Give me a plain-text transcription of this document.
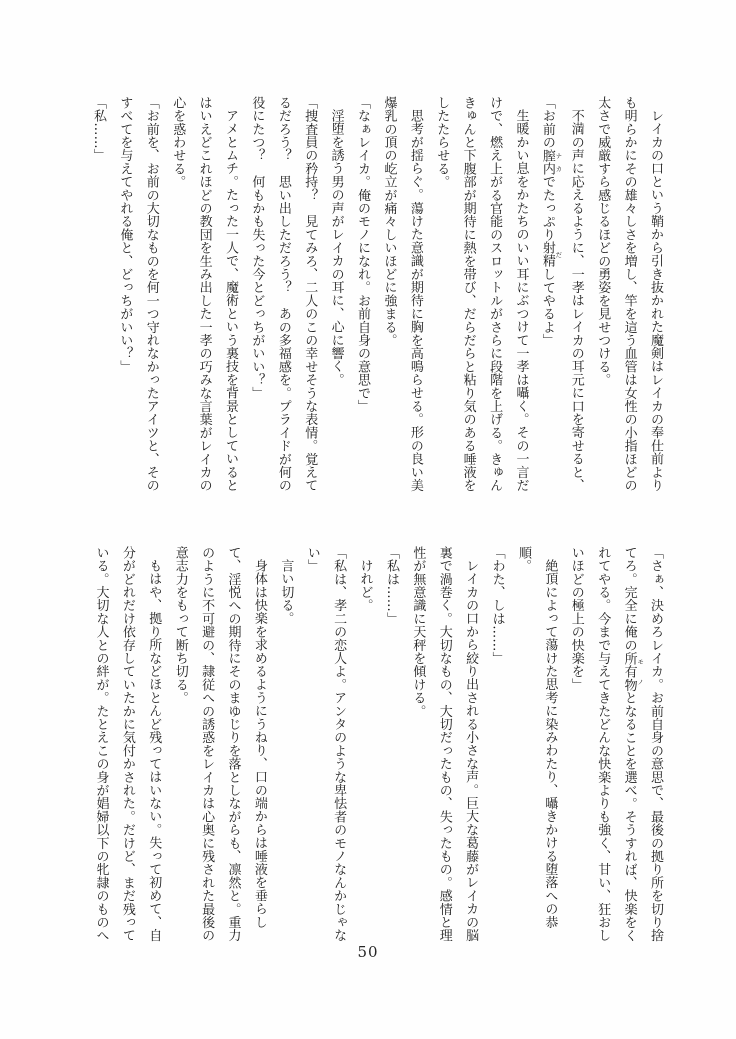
レイカの口という鞘から引き抜かれた魔剣はレイカの奉仕前よりも明らかにその雄々しさを増し、竿を這う血管は女性の小指ほどの太さで威厳すら感じるほどの勇姿を見せつける。

不満の声に応えるように、一孝はレイカの耳元に口を寄せると、

「お前の膣内 ナカでたっぷり射精 だしてやるよ」

生暖かい息をかたちのいい耳にぶつけて一孝は囁く。その一言だけで、燃え上がる官能のスロットルがさらに段階を上げる。きゅんきゅんと下腹部が期待に熱を帯び、だらだらと粘り気のある唾液をしたたらせる。

思考が揺らぐ。蕩けた意識が期待に胸を高鳴らせる。形の良い美爆乳の頂の屹立が痛々しいほどに強まる。

「なぁレイカ。俺のモノになれ。お前自身の意思で」

淫堕を誘う男の声がレイカの耳に、心に響く。

「捜査員の矜持？　見てみろ、二人のこの幸せそうな表情。覚えてるだろう？　思い出しただろう？　あの多福感を。プライドが何の役にたつ？　何もかも失った今とどっちがいい？」

アメとムチ。たった一人で、魔術という裏技を背景としているとはいえどこれほどの教団を生み出した一孝の巧みな言葉がレイカの心を惑わせる。

「お前を、お前の大切なものを何一つ守れなかったアイツと、そのすべてを与えてやれる俺と、どっちがいい？」

「私……」

「さぁ、決めろレイカ。お前自身の意思で、最後の拠り所を切り捨てろ。完全に俺の所有物 モノとなることを選べ。そうすれば、快楽をくれてやる。今まで与えてきたどんな快楽よりも強く、甘い、狂おしいほどの極上の快楽を」

絶頂によって蕩けた思考に染みわたり、囁きかける堕落への恭順。

「わた、しは……」

レイカの口から絞り出される小さな声。巨大な葛藤がレイカの脳裏で渦巻く。大切なもの、大切だったもの、失ったもの。感情と理性が無意識に天秤を傾ける。

「私は……」

けれど。

「私は、孝二の恋人よ。アンタのような卑怯者のモノなんかじゃない」

言い切る。

身体は快楽を求めるようにうねり、口の端からは唾液を垂らして、淫悦への期待にそのまゆじりを落としながらも、凛然と。重力のように不可避の、隷従への誘惑をレイカは心奥に残された最後の意志力をもって断ち切る。

もはや、拠り所などほとんど残ってはいない。失って初めて、自分がどれだけ依存していたかに気付かされた。だけど、まだ残っている。大切な人との絆が。たとえこの身が娼婦以下の牝隷のものへ

50
